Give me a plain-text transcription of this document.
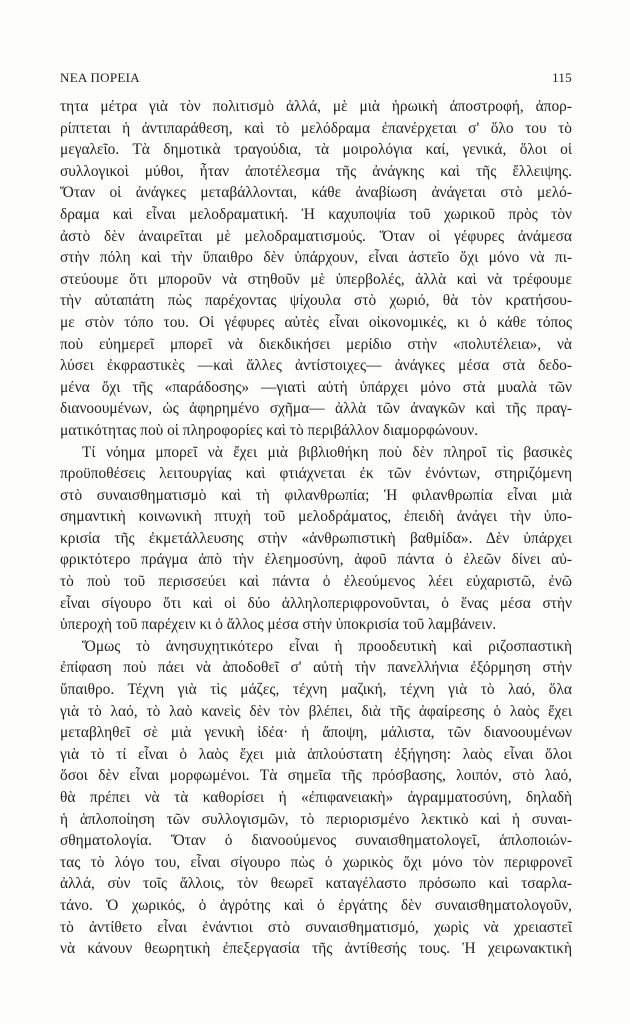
ΝΕΑ ΠΟΡΕΙΑ	115
τητα μέτρα γιὰ τὸν πολιτισμὸ ἀλλά, μὲ μιὰ ἡρωικὴ ἀποστροφή, ἀπορ-
ρίπτεται ἡ ἀντιπαράθεση, καὶ τὸ μελόδραμα ἐπανέρχεται σ' ὅλο του τὸ
μεγαλεῖο. Τὰ δημοτικὰ τραγούδια, τὰ μοιρολόγια καί, γενικά, ὅλοι οἱ
συλλογικοὶ μύθοι, ἦταν ἀποτέλεσμα τῆς ἀνάγκης καὶ τῆς ἔλλειψης.
Ὅταν οἱ ἀνάγκες μεταβάλλονται, κάθε ἀναβίωση ἀνάγεται στὸ μελό-
δραμα καὶ εἶναι μελοδραματική. Ἡ καχυποψία τοῦ χωρικοῦ πρὸς τὸν
ἀστὸ δὲν ἀναιρεῖται μὲ μελοδραματισμούς. Ὅταν οἱ γέφυρες ἀνάμεσα
στὴν πόλη καὶ τὴν ὕπαιθρο δὲν ὑπάρχουν, εἶναι ἀστεῖο ὄχι μόνο νὰ πι-
στεύουμε ὅτι μποροῦν νὰ στηθοῦν μὲ ὑπερβολές, ἀλλὰ καὶ νὰ τρέφουμε
τὴν αὐταπάτη πὼς παρέχοντας ψίχουλα στὸ χωριό, θὰ τὸν κρατήσου-
με στὸν τόπο του. Οἱ γέφυρες αὐτὲς εἶναι οἰκονομικές, κι ὁ κάθε τόπος
ποὺ εὐημερεῖ μπορεῖ νὰ διεκδικήσει μερίδιο στὴν «πολυτέλεια», νὰ
λύσει ἐκφραστικὲς —καὶ ἄλλες ἀντίστοιχες— ἀνάγκες μέσα στὰ δεδο-
μένα ὄχι τῆς «παράδοσης» —γιατὶ αὐτὴ ὑπάρχει μόνο στὰ μυαλὰ τῶν
διανοουμένων, ὡς ἀφηρημένο σχῆμα— ἀλλὰ τῶν ἀναγκῶν καὶ τῆς πραγ-
ματικότητας ποὺ οἱ πληροφορίες καὶ τὸ περιβάλλον διαμορφώνουν.
Τί νόημα μπορεῖ νὰ ἔχει μιὰ βιβλιοθήκη ποὺ δὲν πληροῖ τὶς βασικὲς
προϋποθέσεις λειτουργίας καὶ φτιάχνεται ἐκ τῶν ἐνόντων, στηριζόμενη
στὸ συναισθηματισμὸ καὶ τὴ φιλανθρωπία; Ἡ φιλανθρωπία εἶναι μιὰ
σημαντικὴ κοινωνικὴ πτυχὴ τοῦ μελοδράματος, ἐπειδὴ ἀνάγει τὴν ὑπο-
κρισία τῆς ἐκμετάλλευσης στὴν «ἀνθρωπιστικὴ βαθμίδα». Δὲν ὑπάρχει
φρικτότερο πράγμα ἀπὸ τὴν ἐλεημοσύνη, ἀφοῦ πάντα ὁ ἐλεῶν δίνει αὐ-
τὸ ποὺ τοῦ περισσεύει καὶ πάντα ὁ ἐλεούμενος λέει εὐχαριστῶ, ἐνῶ
εἶναι σίγουρο ὅτι καὶ οἱ δύο ἀλληλοπεριφρονοῦνται, ὁ ἕνας μέσα στὴν
ὑπεροχὴ τοῦ παρέχειν κι ὁ ἄλλος μέσα στὴν ὑποκρισία τοῦ λαμβάνειν.
Ὅμως τὸ ἀνησυχητικότερο εἶναι ἡ προοδευτικὴ καὶ ριζοσπαστικὴ
ἐπίφαση ποὺ πάει νὰ ἀποδοθεῖ σ' αὐτὴ τὴν πανελλήνια ἐξόρμηση στὴν
ὕπαιθρο. Τέχνη γιὰ τὶς μάζες, τέχνη μαζική, τέχνη γιὰ τὸ λαό, ὅλα
γιὰ τὸ λαό, τὸ λαὸ κανεὶς δὲν τὸν βλέπει, διὰ τῆς ἀφαίρεσης ὁ λαὸς ἔχει
μεταβληθεῖ σὲ μιὰ γενικὴ ἰδέα· ἡ ἄποψη, μάλιστα, τῶν διανοουμένων
γιὰ τὸ τί εἶναι ὁ λαὸς ἔχει μιὰ ἁπλούστατη ἐξήγηση: λαὸς εἶναι ὅλοι
ὅσοι δὲν εἶναι μορφωμένοι. Τὰ σημεῖα τῆς πρόσβασης, λοιπόν, στὸ λαό,
θὰ πρέπει νὰ τὰ καθορίσει ἡ «ἐπιφανειακὴ» ἀγραμματοσύνη, δηλαδὴ
ἡ ἁπλοποίηση τῶν συλλογισμῶν, τὸ περιορισμένο λεκτικὸ καὶ ἡ συναι-
σθηματολογία. Ὅταν ὁ διανοούμενος συναισθηματολογεῖ, ἁπλοποιών-
τας τὸ λόγο του, εἶναι σίγουρο πὼς ὁ χωρικὸς ὄχι μόνο τὸν περιφρονεῖ
ἀλλά, σὺν τοῖς ἄλλοις, τὸν θεωρεῖ καταγέλαστο πρόσωπο καὶ τσαρλα-
τάνο. Ὁ χωρικός, ὁ ἀγρότης καὶ ὁ ἐργάτης δὲν συναισθηματολογοῦν,
τὸ ἀντίθετο εἶναι ἐνάντιοι στὸ συναισθηματισμό, χωρὶς νὰ χρειαστεῖ
νὰ κάνουν θεωρητικὴ ἐπεξεργασία τῆς ἀντίθεσής τους. Ἡ χειρωνακτικὴ
